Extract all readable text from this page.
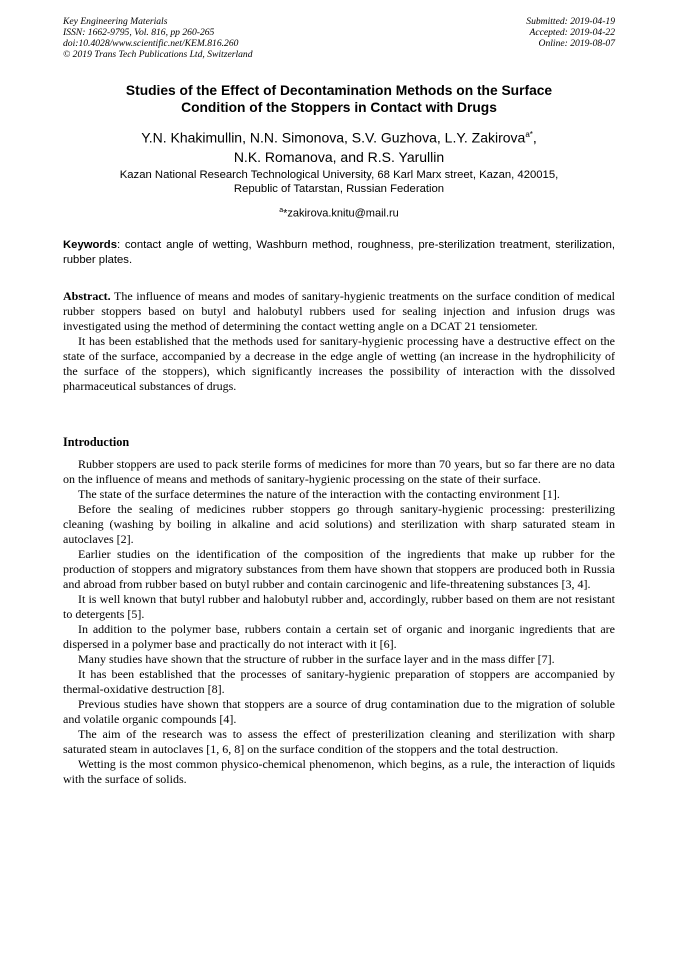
Key Engineering Materials
ISSN: 1662-9795, Vol. 816, pp 260-265
doi:10.4028/www.scientific.net/KEM.816.260
© 2019 Trans Tech Publications Ltd, Switzerland
Submitted: 2019-04-19
Accepted: 2019-04-22
Online: 2019-08-07
Studies of the Effect of Decontamination Methods on the Surface
Condition of the Stoppers in Contact with Drugs
Y.N. Khakimullin, N.N. Simonova, S.V. Guzhova, L.Y. Zakirova$^{a*}$,
N.K. Romanova, and R.S. Yarullin
Kazan National Research Technological University, 68 Karl Marx street, Kazan, 420015,
Republic of Tatarstan, Russian Federation
$^a$*zakirova.knitu@mail.ru
Keywords: contact angle of wetting, Washburn method, roughness, pre-sterilization treatment, sterilization, rubber plates.

Abstract. The influence of means and modes of sanitary-hygienic treatments on the surface condition of medical rubber stoppers based on butyl and halobutyl rubbers used for sealing injection and infusion drugs was investigated using the method of determining the contact wetting angle on a DCAT 21 tensiometer.

It has been established that the methods used for sanitary-hygienic processing have a destructive effect on the state of the surface, accompanied by a decrease in the edge angle of wetting (an increase in the hydrophilicity of the surface of the stoppers), which significantly increases the possibility of interaction with the dissolved pharmaceutical substances of drugs.

Introduction

Rubber stoppers are used to pack sterile forms of medicines for more than 70 years, but so far there are no data on the influence of means and methods of sanitary-hygienic processing on the state of their surface.

The state of the surface determines the nature of the interaction with the contacting environment [1].

Before the sealing of medicines rubber stoppers go through sanitary-hygienic processing: presterilizing cleaning (washing by boiling in alkaline and acid solutions) and sterilization with sharp saturated steam in autoclaves [2].

Earlier studies on the identification of the composition of the ingredients that make up rubber for the production of stoppers and migratory substances from them have shown that stoppers are produced both in Russia and abroad from rubber based on butyl rubber and contain carcinogenic and life-threatening substances [3, 4].

It is well known that butyl rubber and halobutyl rubber and, accordingly, rubber based on them are not resistant to detergents [5].

In addition to the polymer base, rubbers contain a certain set of organic and inorganic ingredients that are dispersed in a polymer base and practically do not interact with it [6].

Many studies have shown that the structure of rubber in the surface layer and in the mass differ [7].

It has been established that the processes of sanitary-hygienic preparation of stoppers are accompanied by thermal-oxidative destruction [8].

Previous studies have shown that stoppers are a source of drug contamination due to the migration of soluble and volatile organic compounds [4].

The aim of the research was to assess the effect of presterilization cleaning and sterilization with sharp saturated steam in autoclaves [1, 6, 8] on the surface condition of the stoppers and the total destruction.

Wetting is the most common physico-chemical phenomenon, which begins, as a rule, the interaction of liquids with the surface of solids.
